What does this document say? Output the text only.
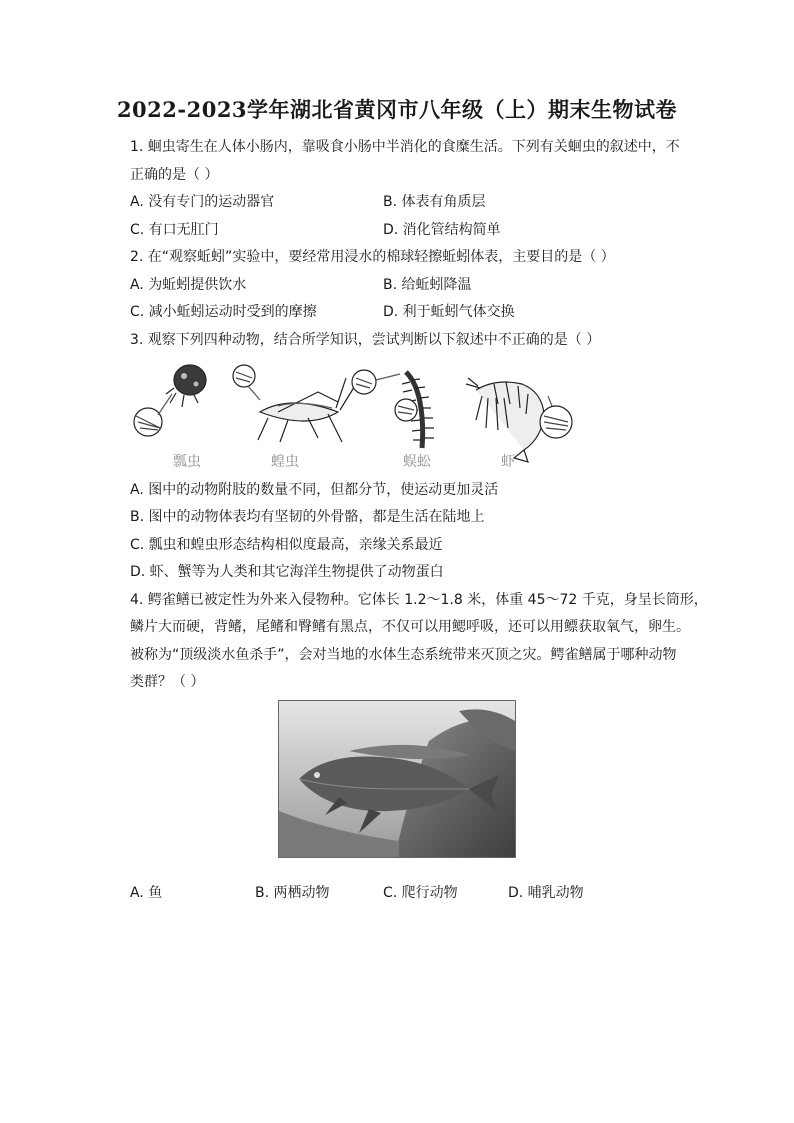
2022-2023学年湖北省黄冈市八年级（上）期末生物试卷
1. 蛔虫寄生在人体小肠内，靠吸食小肠中半消化的食糜生活。下列有关蛔虫的叙述中，不
正确的是（ ）
A. 没有专门的运动器官	B. 体表有角质层
C. 有口无肛门	D. 消化管结构简单
2. 在“观察蚯蚓”实验中，要经常用浸水的棉球轻擦蚯蚓体表，主要目的是（ ）
A. 为蚯蚓提供饮水	B. 给蚯蚓降温
C. 减小蚯蚓运动时受到的摩擦	D. 利于蚯蚓气体交换
3. 观察下列四种动物，结合所学知识，尝试判断以下叙述中不正确的是（ ）
瓢虫	蝗虫	蜈蚣	虾
A. 图中的动物附肢的数量不同，但都分节，使运动更加灵活
B. 图中的动物体表均有坚韧的外骨骼，都是生活在陆地上
C. 瓢虫和蝗虫形态结构相似度最高，亲缘关系最近
D. 虾、蟹等为人类和其它海洋生物提供了动物蛋白
4. 鳄雀鳝已被定性为外来入侵物种。它体长 1.2～1.8 米，体重 45～72 千克，身呈长筒形，
鳞片大而硬，背鳍，尾鳍和臀鳍有黑点，不仅可以用鳃呼吸，还可以用鳔获取氧气，卵生。
被称为“顶级淡水鱼杀手”，会对当地的水体生态系统带来灭顶之灾。鳄雀鳝属于哪种动物
类群？（ ）
A. 鱼	B. 两栖动物	C. 爬行动物	D. 哺乳动物
